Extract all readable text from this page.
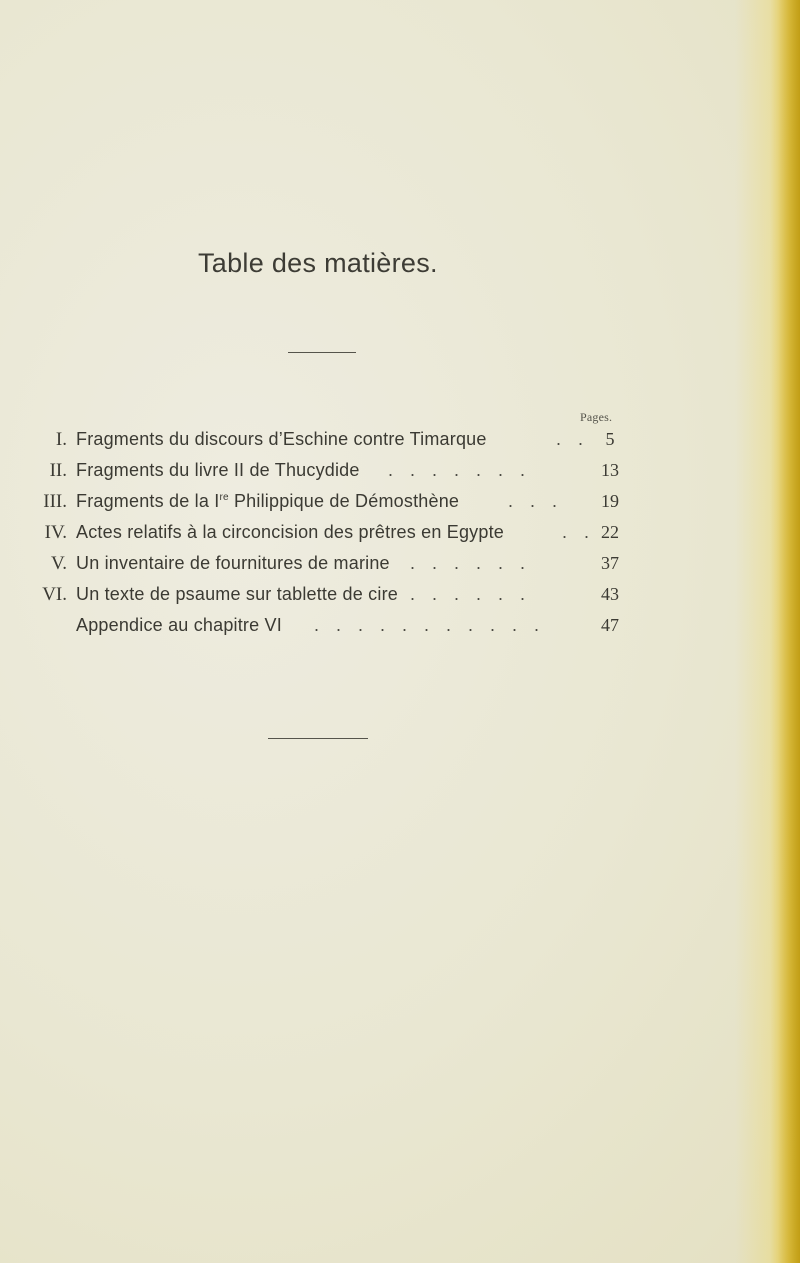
Table des matières.
Pages.
I. Fragments du discours d’Eschine contre Timarque	. . 5
II. Fragments du livre II de Thucydide . . . . . . .	13
III. Fragments de la Ire Philippique de Démosthène	. . .	19
IV. Actes relatifs à la circoncision des prêtres en Egypte	. . 22
V. Un inventaire de fournitures de marine . . . . . .	37
VI. Un texte de psaume sur tablette de cire . . . . . .	43
Appendice au chapitre VI . . . . . . . . . . .	47
